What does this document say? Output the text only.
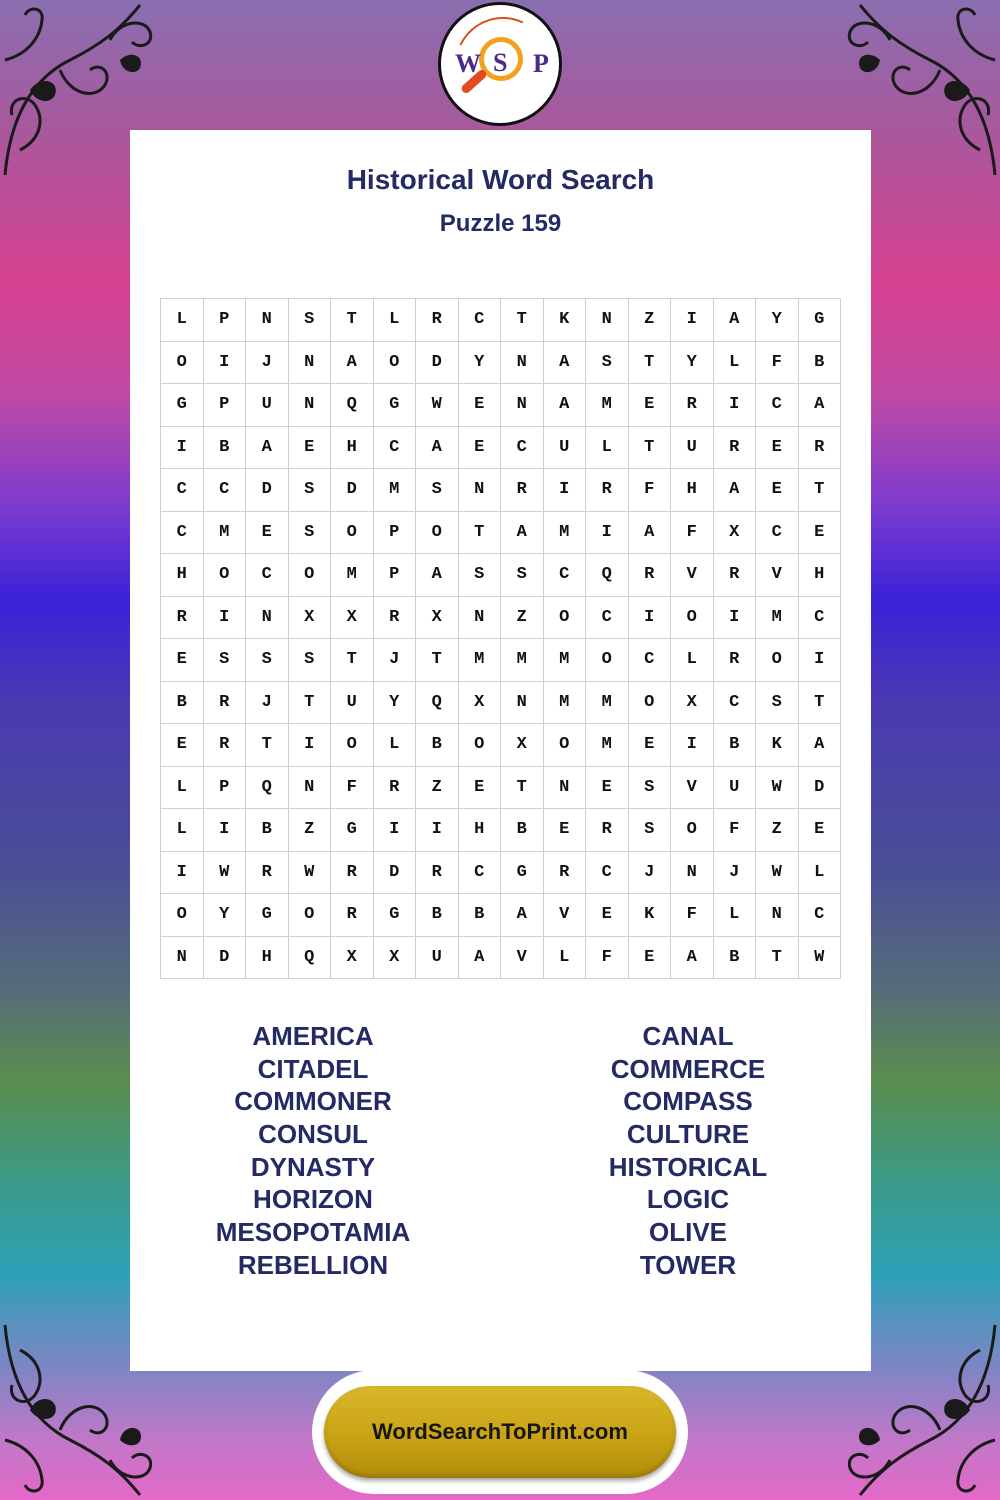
W S P
Historical Word Search
Puzzle 159
L	P	N	S	T	L	R	C	T	K	N	Z	I	A	Y	G
O	I	J	N	A	O	D	Y	N	A	S	T	Y	L	F	B
G	P	U	N	Q	G	W	E	N	A	M	E	R	I	C	A
I	B	A	E	H	C	A	E	C	U	L	T	U	R	E	R
C	C	D	S	D	M	S	N	R	I	R	F	H	A	E	T
C	M	E	S	O	P	O	T	A	M	I	A	F	X	C	E
H	O	C	O	M	P	A	S	S	C	Q	R	V	R	V	H
R	I	N	X	X	R	X	N	Z	O	C	I	O	I	M	C
E	S	S	S	T	J	T	M	M	M	O	C	L	R	O	I
B	R	J	T	U	Y	Q	X	N	M	M	O	X	C	S	T
E	R	T	I	O	L	B	O	X	O	M	E	I	B	K	A
L	P	Q	N	F	R	Z	E	T	N	E	S	V	U	W	D
L	I	B	Z	G	I	I	H	B	E	R	S	O	F	Z	E
I	W	R	W	R	D	R	C	G	R	C	J	N	J	W	L
O	Y	G	O	R	G	B	B	A	V	E	K	F	L	N	C
N	D	H	Q	X	X	U	A	V	L	F	E	A	B	T	W
AMERICA
CITADEL
COMMONER
CONSUL
DYNASTY
HORIZON
MESOPOTAMIA
REBELLION
CANAL
COMMERCE
COMPASS
CULTURE
HISTORICAL
LOGIC
OLIVE
TOWER
WordSearchToPrint.com
